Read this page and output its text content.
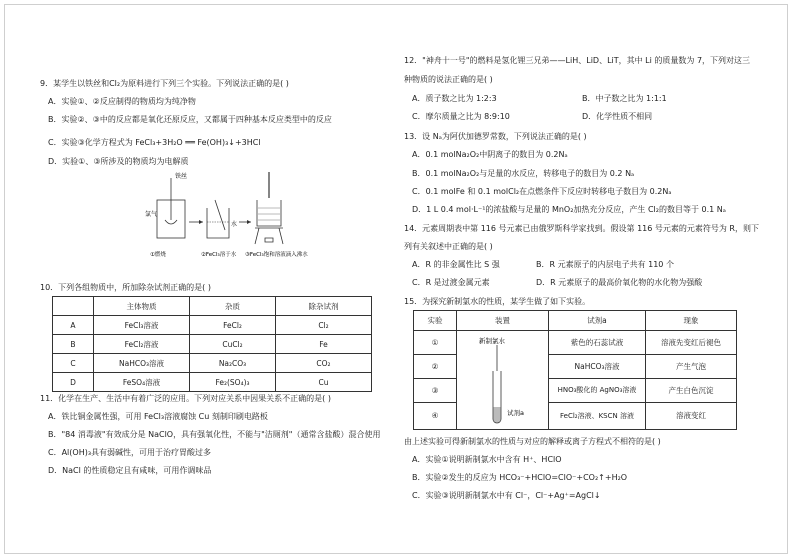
9．某学生以铁丝和Cl₂为原料进行下列三个实验。下列说法正确的是( )
A．实验①、②反应制得的物质均为纯净物
B．实验②、③中的反应都是氧化还原反应，又都属于四种基本反应类型中的反应
C．实验③化学方程式为 FeCl₃+3H₂O ══ Fe(OH)₃↓+3HCl
D．实验①、③所涉及的物质均为电解质
铁丝
氯气
①燃烧
水
②FeCl₃溶于水 ③FeCl₃饱和溶液滴入沸水
10．下列各组物质中，所加除杂试剂正确的是( )
	主体物质	杂质	除杂试剂
A	FeCl₃溶液	FeCl₂	Cl₂
B	FeCl₂溶液	CuCl₂	Fe
C	NaHCO₃溶液	Na₂CO₃	CO₂
D	FeSO₄溶液	Fe₂(SO₄)₃	Cu
11．化学在生产、生活中有着广泛的应用。下列对应关系中因果关系不正确的是( )
A．铁比铜金属性强，可用 FeCl₃溶液腐蚀 Cu 刻制印刷电路板
B．"84 消毒液"有效成分是 NaClO，具有强氧化性，不能与"洁厕剂"（通常含盐酸）混合使用
C．Al(OH)₃具有弱碱性，可用于治疗胃酸过多
D．NaCl 的性质稳定且有咸味，可用作调味品
12．"神舟十一号"的燃料是氢化锂三兄弟——LiH、LiD、LiT，其中 Li 的质量数为 7，下列对这三
种物质的说法正确的是( )
A．质子数之比为 1:2:3	B．中子数之比为 1:1:1
C．摩尔质量之比为 8:9:10	D．化学性质不相同
13．设 Nₐ为阿伏加德罗常数，下列说法正确的是( )
A．0.1 molNa₂O₂中阴离子的数目为 0.2Nₐ
B．0.1 molNa₂O₂与足量的水反应，转移电子的数目为 0.2 Nₐ
C．0.1 molFe 和 0.1 molCl₂在点燃条件下反应时转移电子数目为 0.2Nₐ
D．1 L 0.4 mol·L⁻¹的浓盐酸与足量的 MnO₂加热充分反应，产生 Cl₂的数目等于 0.1 Nₐ
14．元素周期表中第 116 号元素已由俄罗斯科学家找到。假设第 116 号元素的元素符号为 R，则下
列有关叙述中正确的是( )
A．R 的非金属性比 S 强	B．R 元素原子的内层电子共有 110 个
C．R 是过渡金属元素	D．R 元素原子的最高价氧化物的水化物为强酸
15．为探究新制氯水的性质，某学生做了如下实验。
实验	装置	试剂a	现象
①	紫色的石蕊试液	溶液先变红后褪色
②	NaHCO₃溶液	产生气泡
③	HNO₃酸化的 AgNO₃溶液	产生白色沉淀
④	FeCl₂溶液、KSCN 溶液	溶液变红
新制氯水
试剂a
由上述实验可得新制氯水的性质与对应的解释或离子方程式不相符的是( )
A．实验①说明新制氯水中含有 H⁺、HClO
B．实验②发生的反应为 HCO₃⁻+HClO=ClO⁻+CO₂↑+H₂O
C．实验③说明新制氯水中有 Cl⁻，Cl⁻+Ag⁺=AgCl↓
